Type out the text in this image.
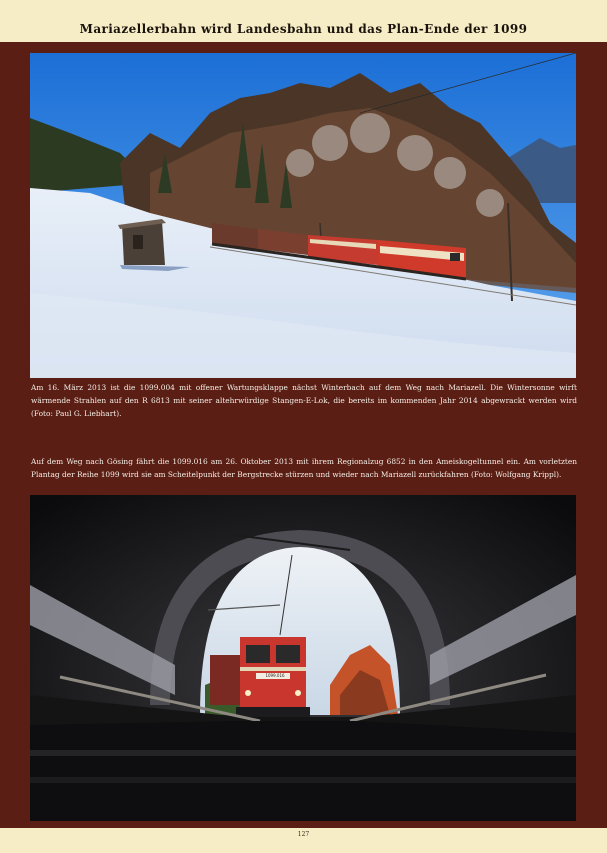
Mariazellerbahn wird Landesbahn und das Plan-Ende der 1099
Am 16. März 2013 ist die 1099.004 mit offener Wartungsklappe nächst Winterbach auf dem Weg nach Mariazell. Die Wintersonne wirft wärmende Strahlen auf den R 6813 mit seiner altehrwürdige Stangen-E-Lok, die bereits im kommenden Jahr 2014 abgewrackt werden wird (Foto: Paul G. Liebhart).
Auf dem Weg nach Gösing fährt die 1099.016 am 26. Oktober 2013 mit ihrem Regionalzug 6852 in den Ameiskogeltunnel ein. Am vorletzten Plantag der Reihe 1099 wird sie am Scheitelpunkt der Bergstrecke stürzen und wieder nach Mariazell zurückfahren (Foto: Wolfgang Krippl).
1099.016
127
